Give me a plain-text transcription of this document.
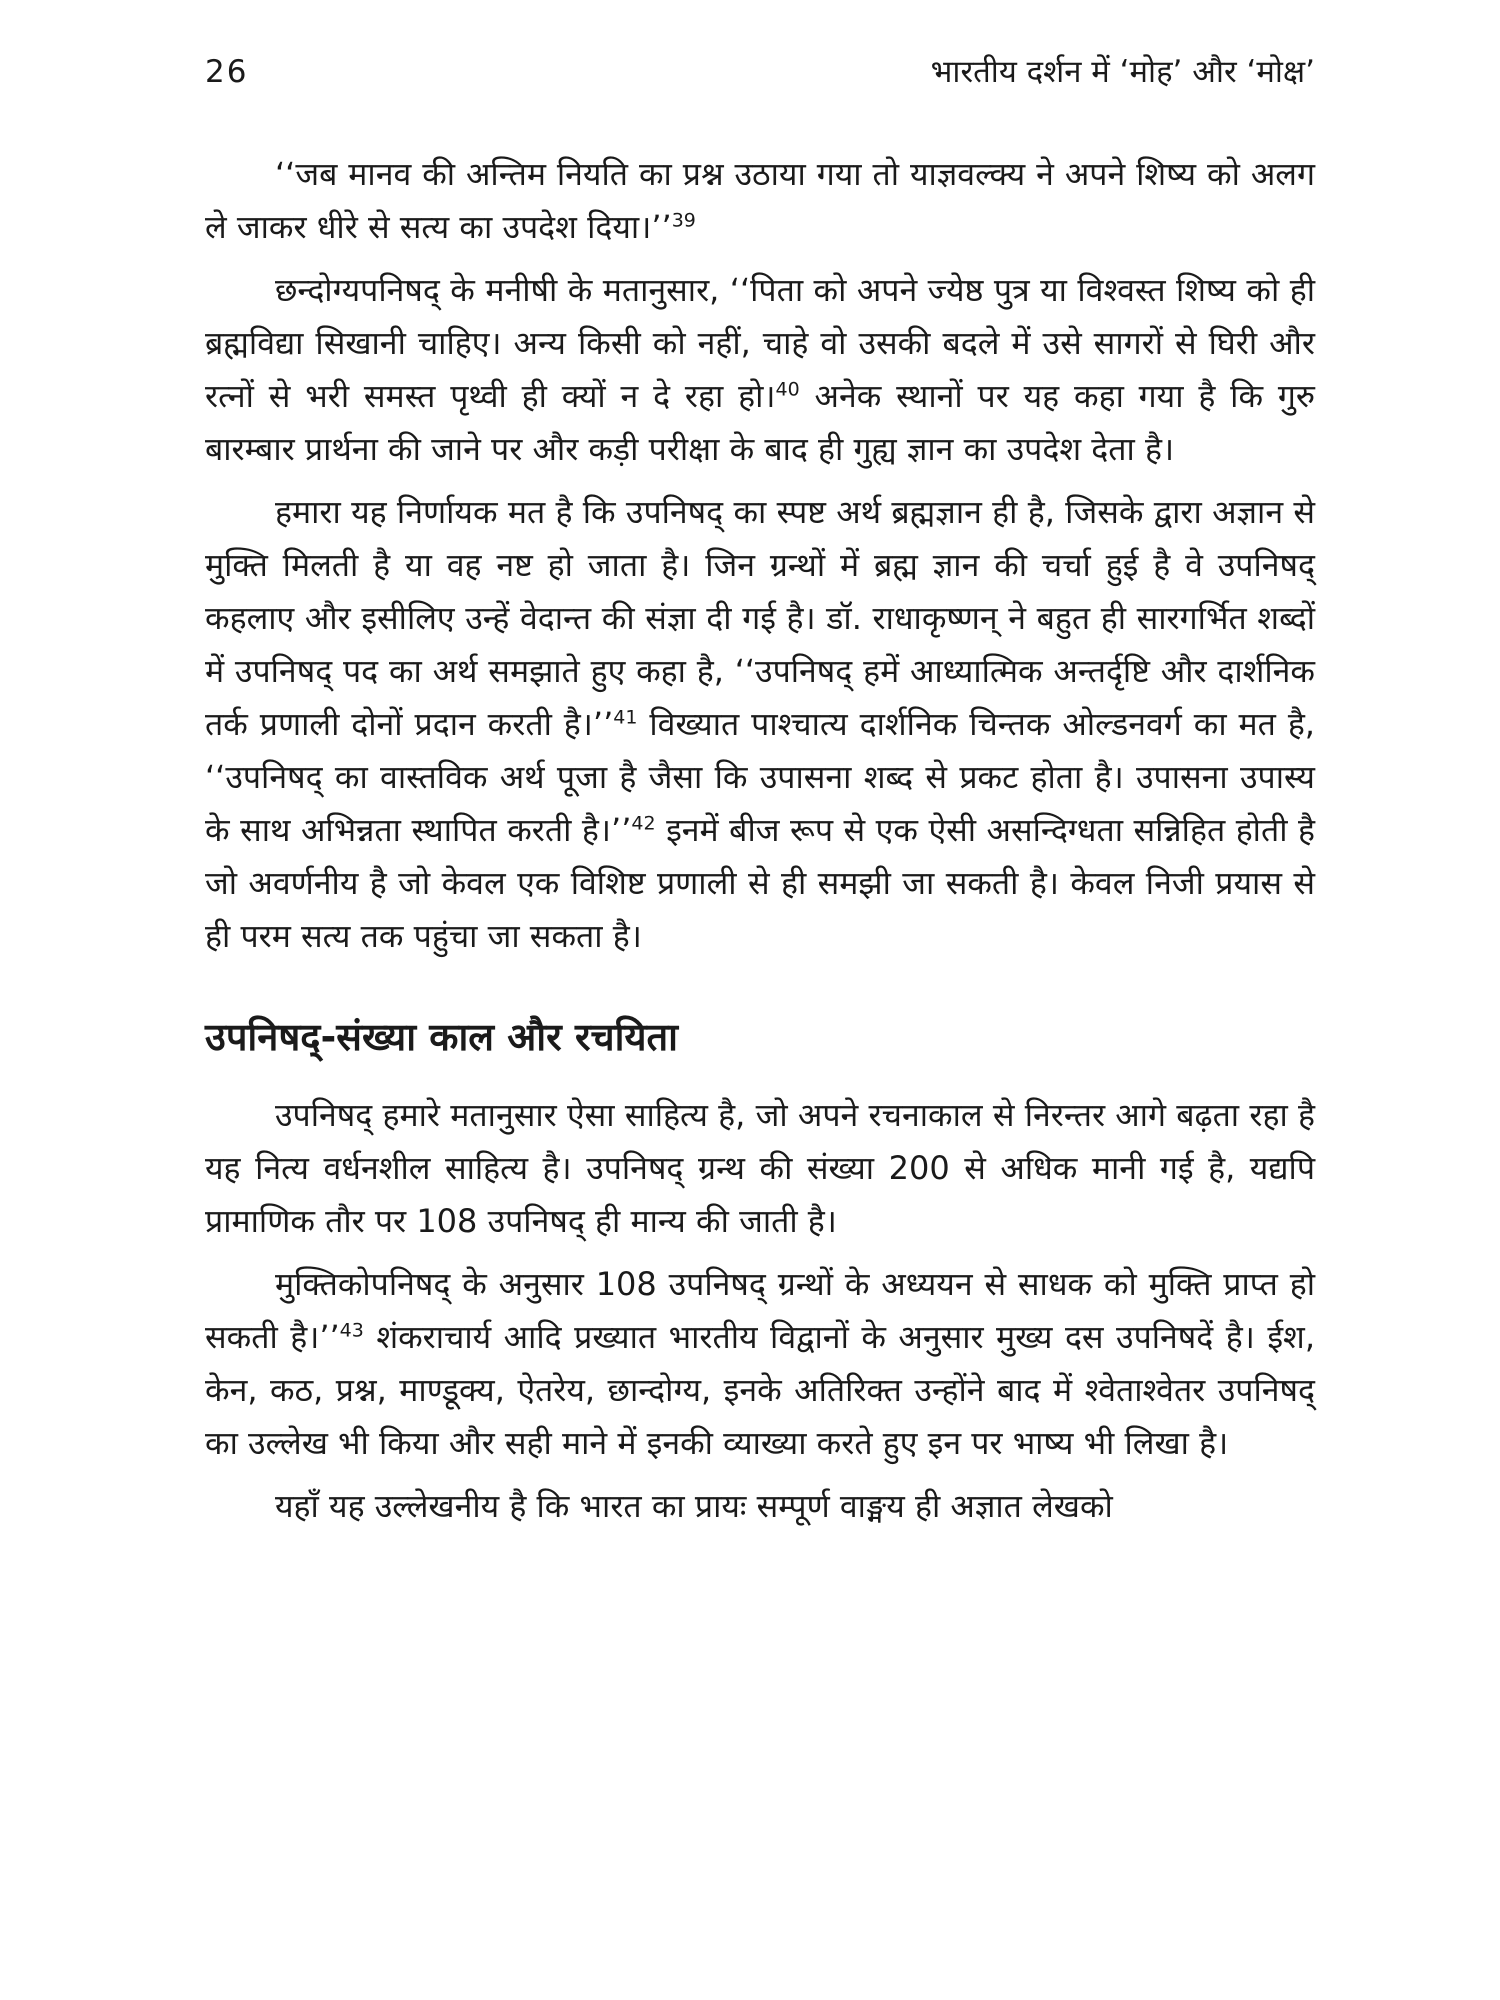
26	भारतीय दर्शन में ‘मोह’ और ‘मोक्ष’

‘‘जब मानव की अन्तिम नियति का प्रश्न उठाया गया तो याज्ञवल्क्य ने अपने शिष्य को अलग ले जाकर धीरे से सत्य का उपदेश दिया।’’$^{39}$

छन्दोग्यपनिषद् के मनीषी के मतानुसार, ‘‘पिता को अपने ज्येष्ठ पुत्र या विश्वस्त शिष्य को ही ब्रह्मविद्या सिखानी चाहिए। अन्य किसी को नहीं, चाहे वो उसकी बदले में उसे सागरों से घिरी और रत्नों से भरी समस्त पृथ्वी ही क्यों न दे रहा हो।$^{40}$ अनेक स्थानों पर यह कहा गया है कि गुरु बारम्बार प्रार्थना की जाने पर और कड़ी परीक्षा के बाद ही गुह्य ज्ञान का उपदेश देता है।

हमारा यह निर्णायक मत है कि उपनिषद् का स्पष्ट अर्थ ब्रह्मज्ञान ही है, जिसके द्वारा अज्ञान से मुक्ति मिलती है या वह नष्ट हो जाता है। जिन ग्रन्थों में ब्रह्म ज्ञान की चर्चा हुई है वे उपनिषद् कहलाए और इसीलिए उन्हें वेदान्त की संज्ञा दी गई है। डॉ. राधाकृष्णन् ने बहुत ही सारगर्भित शब्दों में उपनिषद् पद का अर्थ समझाते हुए कहा है, ‘‘उपनिषद् हमें आध्यात्मिक अन्तर्दृष्टि और दार्शनिक तर्क प्रणाली दोनों प्रदान करती है।’’$^{41}$ विख्यात पाश्चात्य दार्शनिक चिन्तक ओल्डनवर्ग का मत है, ‘‘उपनिषद् का वास्तविक अर्थ पूजा है जैसा कि उपासना शब्द से प्रकट होता है। उपासना उपास्य के साथ अभिन्नता स्थापित करती है।’’$^{42}$ इनमें बीज रूप से एक ऐसी असन्दिग्धता सन्निहित होती है जो अवर्णनीय है जो केवल एक विशिष्ट प्रणाली से ही समझी जा सकती है। केवल निजी प्रयास से ही परम सत्य तक पहुंचा जा सकता है।

उपनिषद्-संख्या काल और रचयिता

उपनिषद् हमारे मतानुसार ऐसा साहित्य है, जो अपने रचनाकाल से निरन्तर आगे बढ़ता रहा है यह नित्य वर्धनशील साहित्य है। उपनिषद् ग्रन्थ की संख्या 200 से अधिक मानी गई है, यद्यपि प्रामाणिक तौर पर 108 उपनिषद् ही मान्य की जाती है।

मुक्तिकोपनिषद् के अनुसार 108 उपनिषद् ग्रन्थों के अध्ययन से साधक को मुक्ति प्राप्त हो सकती है।’’$^{43}$ शंकराचार्य आदि प्रख्यात भारतीय विद्वानों के अनुसार मुख्य दस उपनिषदें है। ईश, केन, कठ, प्रश्न, माण्डूक्य, ऐतरेय, छान्दोग्य, इनके अतिरिक्त उन्होंने बाद में श्वेताश्वेतर उपनिषद् का उल्लेख भी किया और सही माने में इनकी व्याख्या करते हुए इन पर भाष्य भी लिखा है।

यहाँ यह उल्लेखनीय है कि भारत का प्रायः सम्पूर्ण वाङ्मय ही अज्ञात लेखको
